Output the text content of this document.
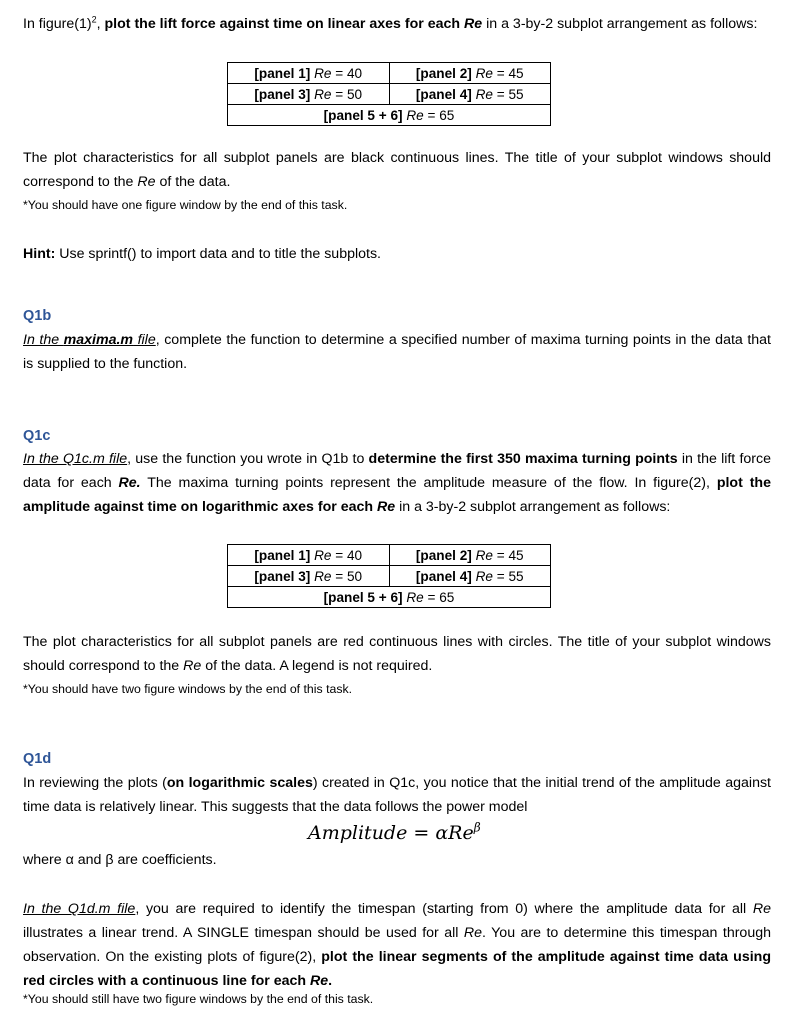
In $figure(1)^2$, plot the lift force against time on linear axes for each Re in a 3-by-2 subplot arrangement as follows:

[panel 1] Re = 40	[panel 2] Re = 45
[panel 3] Re = 50	[panel 4] Re = 55
[panel 5 + 6] Re = 65	

The plot characteristics for all subplot panels are black continuous lines. The title of your subplot windows should correspond to the Re of the data.

*You should have one figure window by the end of this task.

Hint: Use sprintf() to import data and to title the subplots.

Q1b

In the maxima.m file, complete the function to determine a specified number of maxima turning points in the data that is supplied to the function.

Q1c

In the Q1c.m file, use the function you wrote in Q1b to determine the first 350 maxima turning points in the lift force data for each Re. The maxima turning points represent the amplitude measure of the flow. In figure(2), plot the amplitude against time on logarithmic axes for each Re in a 3-by-2 subplot arrangement as follows:

[panel 1] Re = 40	[panel 2] Re = 45
[panel 3] Re = 50	[panel 4] Re = 55
[panel 5 + 6] Re = 65	

The plot characteristics for all subplot panels are red continuous lines with circles. The title of your subplot windows should correspond to the Re of the data. A legend is not required.

*You should have two figure windows by the end of this task.

Q1d

In reviewing the plots (on logarithmic scales) created in Q1c, you notice that the initial trend of the amplitude against time data is relatively linear. This suggests that the data follows the power model

Amplitude = αRe$^\beta$

where α and β are coefficients.

In the Q1d.m file, you are required to identify the timespan (starting from 0) where the amplitude data for all Re illustrates a linear trend. A SINGLE timespan should be used for all Re. You are to determine this timespan through observation. On the existing plots of figure(2), plot the linear segments of the amplitude against time data using red circles with a continuous line for each Re.

*You should still have two figure windows by the end of this task.
